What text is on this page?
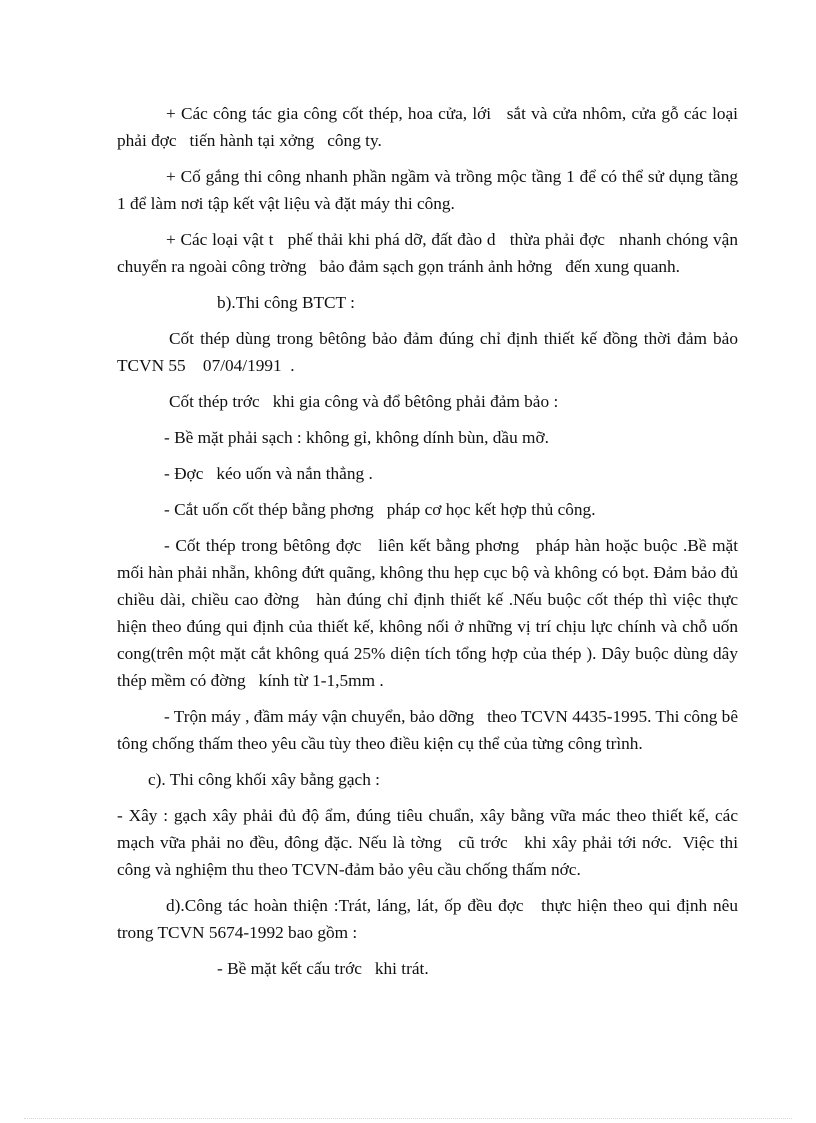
+ Các công tác gia công cốt thép, hoa cửa, lới   sắt và cửa nhôm, cửa gỗ các loại phải đợc   tiến hành tại xởng   công ty.

+ Cố gắng thi công nhanh phần ngầm và trồng mộc tầng 1 để có thể sử dụng tầng 1 để làm nơi tập kết vật liệu và đặt máy thi công.

+ Các loại vật t   phế thải khi phá dỡ, đất đào d   thừa phải đợc   nhanh chóng vận chuyển ra ngoài công trờng   bảo đảm sạch gọn tránh ảnh hởng   đến xung quanh.

b).Thi công BTCT :

Cốt thép dùng trong bêtông bảo đảm đúng chỉ định thiết kế đồng thời đảm bảo TCVN 55    07/04/1991  .

Cốt thép trớc   khi gia công và đổ bêtông phải đảm bảo :

- Bề mặt phải sạch : không gỉ, không dính bùn, dầu mỡ.

- Đợc   kéo uốn và nắn thẳng .

- Cắt uốn cốt thép bằng phơng   pháp cơ học kết hợp thủ công.

- Cốt thép trong bêtông đợc   liên kết bằng phơng   pháp hàn hoặc buộc .Bề mặt mối hàn phải nhẵn, không đứt quãng, không thu hẹp cục bộ và không có bọt. Đảm bảo đủ chiều dài, chiều cao đờng   hàn đúng chỉ định thiết kế .Nếu buộc cốt thép thì việc thực hiện theo đúng qui định của thiết kế, không nối ở những vị trí chịu lực chính và chỗ uốn cong(trên một mặt cắt không quá 25% diện tích tổng hợp của thép ). Dây buộc dùng dây thép mềm có đờng   kính từ 1-1,5mm .

- Trộn máy , đầm máy vận chuyển, bảo dỡng   theo TCVN 4435-1995. Thi công bê tông chống thấm theo yêu cầu tùy theo điều kiện cụ thể của từng công trình.

c). Thi công khối xây bằng gạch :

- Xây : gạch xây phải đủ độ ẩm, đúng tiêu chuẩn, xây bằng vữa mác theo thiết kế, các mạch vữa phải no đều, đông đặc. Nếu là tờng   cũ trớc   khi xây phải tới nớc.  Việc thi công và nghiệm thu theo TCVN-đảm bảo yêu cầu chống thấm nớc.

d).Công tác hoàn thiện :Trát, láng, lát, ốp đều đợc   thực hiện theo qui định nêu trong TCVN 5674-1992 bao gồm :

- Bề mặt kết cấu trớc   khi trát.
